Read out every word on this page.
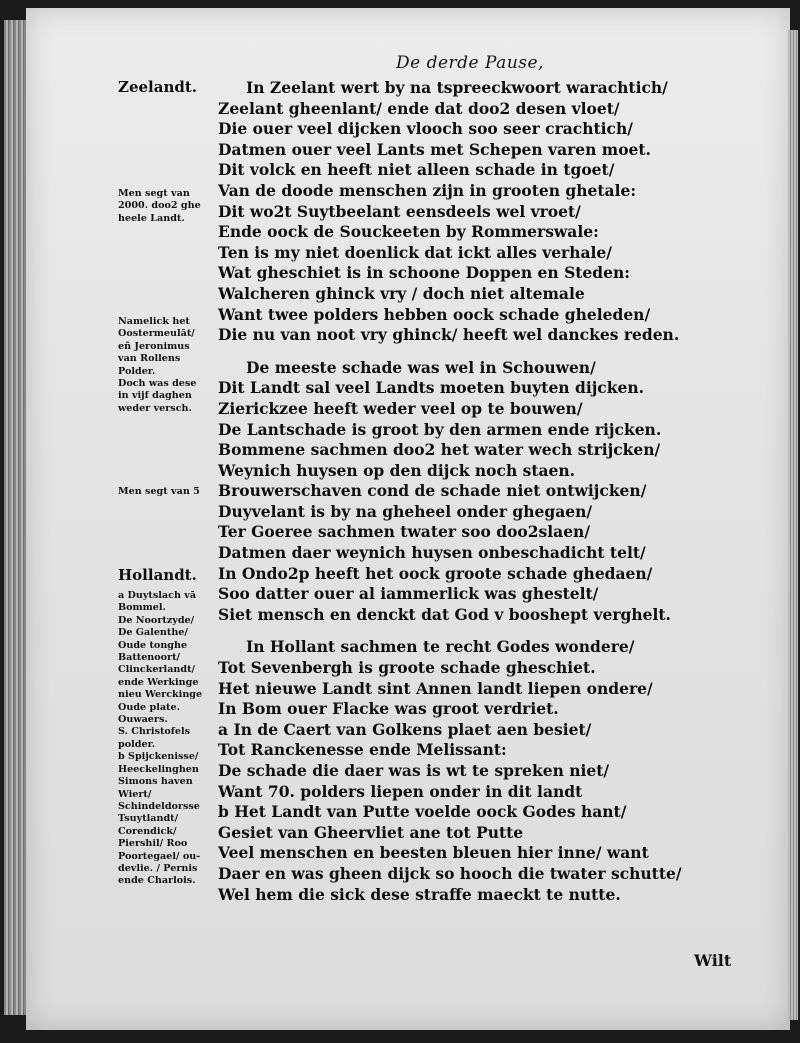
De derde Pause,
Zeelandt.
Hollandt.
Men segt van
2000. doo2 ghe
heele Landt.
Namelick het
Oostermeulāt/
eñ Jeronimus
van Rollens
Polder.
Doch was dese
in vijf daghen
weder versch.
Men segt van 5
a Duytslach vā
Bommel.
De Noortzyde/
De Galenthe/
Oude tonghe
Battenoort/
Clinckerlandt/
ende Werkinge
nieu Werckinge
Oude plate.
Ouwaers.
S. Christofels
polder.
b Spijckenisse/
Heeckelinghen
Simons haven
Wiert/
Schindeldorsse
Tsuytlandt/
Corendick/
Piershil/ Roo
Poortegael/ ou-
devlie. / Pernis
ende Charlois.
In Zeelant wert by na tspreeckwoort warachtich/
Zeelant gheenlant/ ende dat doo2 desen vloet/
Die ouer veel dijcken vlooch soo seer crachtich/
Datmen ouer veel Lants met Schepen varen moet.
Dit volck en heeft niet alleen schade in tgoet/
Van de doode menschen zijn in grooten ghetale:
Dit wo2t Suytbeelant eensdeels wel vroet/
Ende oock de Souckeeten by Rommerswale:
Ten is my niet doenlick dat ickt alles verhale/
Wat gheschiet is in schoone Doppen en Steden:
Walcheren ghinck vry / doch niet altemale
Want twee polders hebben oock schade gheleden/
Die nu van noot vry ghinck/ heeft wel danckes reden.
De meeste schade was wel in Schouwen/
Dit Landt sal veel Landts moeten buyten dijcken.
Zierickzee heeft weder veel op te bouwen/
De Lantschade is groot by den armen ende rijcken.
Bommene sachmen doo2 het water wech strijcken/
Weynich huysen op den dijck noch staen.
Brouwerschaven cond de schade niet ontwijcken/
Duyvelant is by na gheheel onder ghegaen/
Ter Goeree sachmen twater soo doo2slaen/
Datmen daer weynich huysen onbeschadicht telt/
In Ondo2p heeft het oock groote schade ghedaen/
Soo datter ouer al iammerlick was ghestelt/
Siet mensch en denckt dat God v booshept verghelt.
In Hollant sachmen te recht Godes wondere/
Tot Sevenbergh is groote schade gheschiet.
Het nieuwe Landt sint Annen landt liepen ondere/
In Bom ouer Flacke was groot verdriet.
a In de Caert van Golkens plaet aen besiet/
Tot Ranckenesse ende Melissant:
De schade die daer was is wt te spreken niet/
Want 70. polders liepen onder in dit landt
b Het Landt van Putte voelde oock Godes hant/
Gesiet van Gheervliet ane tot Putte
Veel menschen en beesten bleuen hier inne/ want
Daer en was gheen dijck so hooch die twater schutte/
Wel hem die sick dese straffe maeckt te nutte.
Wilt
